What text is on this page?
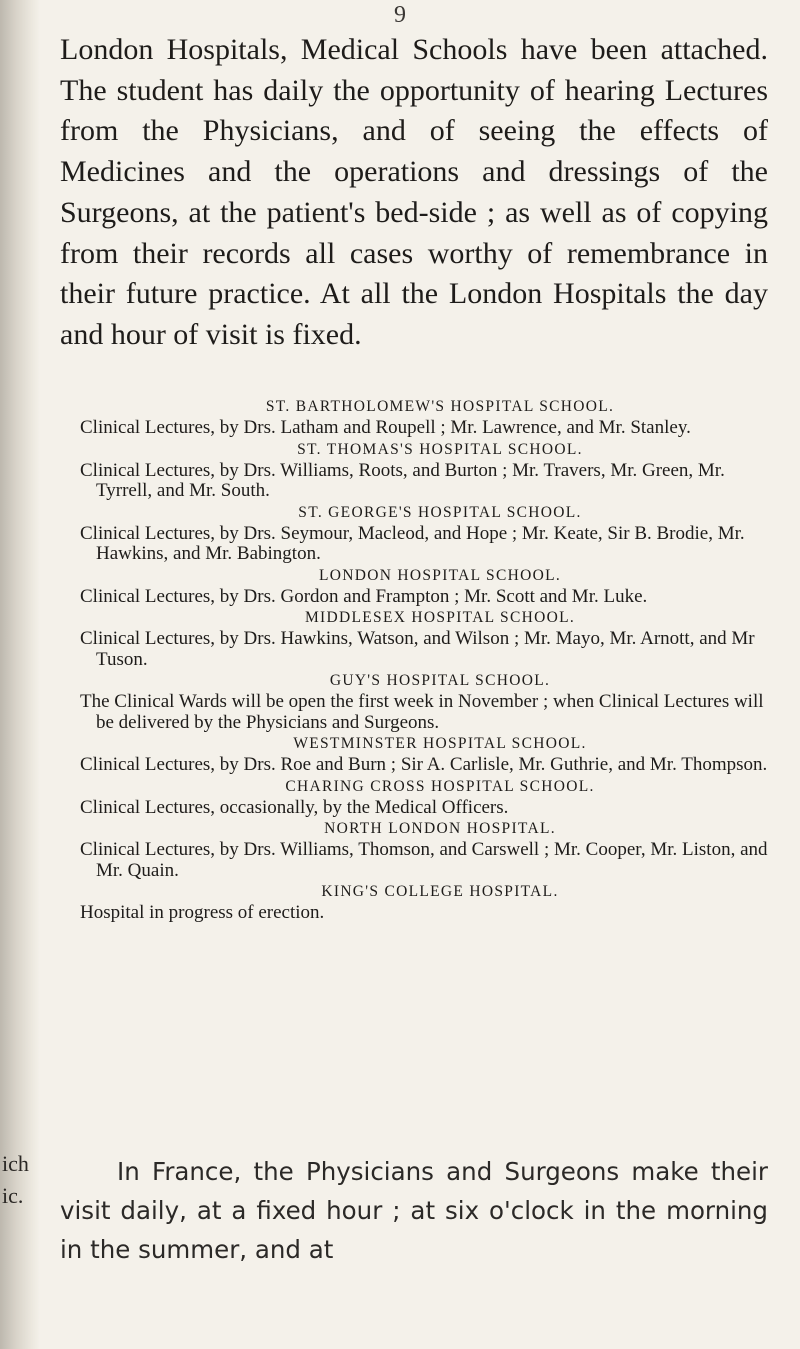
ich
ic.
9

London Hospitals, Medical Schools have been attached. The student has daily the opportunity of hearing Lectures from the Physicians, and of seeing the effects of Medicines and the operations and dressings of the Surgeons, at the patient's bed-side ; as well as of copying from their records all cases worthy of remembrance in their future practice. At all the London Hospitals the day and hour of visit is fixed.

ST. BARTHOLOMEW'S HOSPITAL SCHOOL.
Clinical Lectures, by Drs. Latham and Roupell ; Mr. Lawrence, and Mr. Stanley.
ST. THOMAS'S HOSPITAL SCHOOL.
Clinical Lectures, by Drs. Williams, Roots, and Burton ; Mr. Travers, Mr. Green, Mr. Tyrrell, and Mr. South.
ST. GEORGE'S HOSPITAL SCHOOL.
Clinical Lectures, by Drs. Seymour, Macleod, and Hope ; Mr. Keate, Sir B. Brodie, Mr. Hawkins, and Mr. Babington.
LONDON HOSPITAL SCHOOL.
Clinical Lectures, by Drs. Gordon and Frampton ; Mr. Scott and Mr. Luke.
MIDDLESEX HOSPITAL SCHOOL.
Clinical Lectures, by Drs. Hawkins, Watson, and Wilson ; Mr. Mayo, Mr. Arnott, and Mr Tuson.
GUY'S HOSPITAL SCHOOL.
The Clinical Wards will be open the first week in November ; when Clinical Lectures will be delivered by the Physicians and Surgeons.
WESTMINSTER HOSPITAL SCHOOL.
Clinical Lectures, by Drs. Roe and Burn ; Sir A. Carlisle, Mr. Guthrie, and Mr. Thompson.
CHARING CROSS HOSPITAL SCHOOL.
Clinical Lectures, occasionally, by the Medical Officers.
NORTH LONDON HOSPITAL.
Clinical Lectures, by Drs. Williams, Thomson, and Carswell ; Mr. Cooper, Mr. Liston, and Mr. Quain.
KING'S COLLEGE HOSPITAL.
Hospital in progress of erection.

In France, the Physicians and Surgeons make their visit daily, at a fixed hour ; at six o'clock in the morning in the summer, and at
